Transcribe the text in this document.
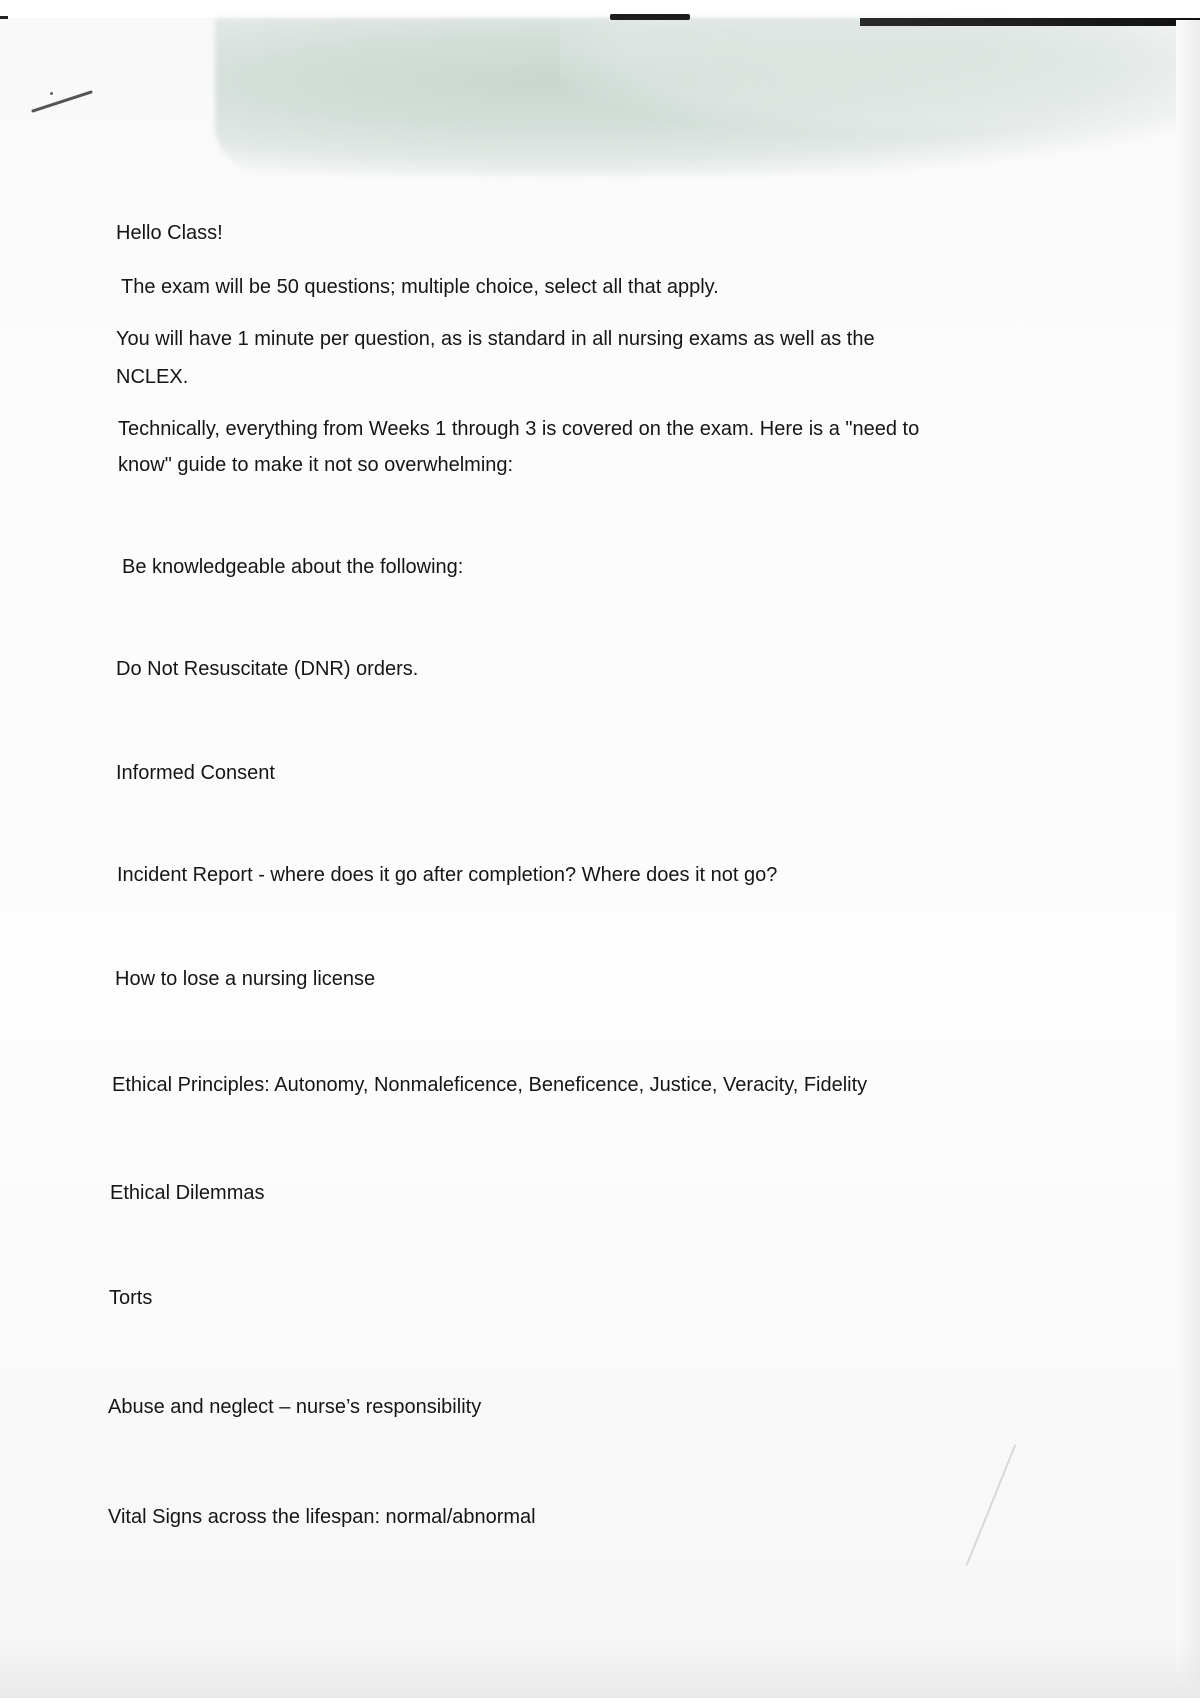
Hello Class!
The exam will be 50 questions; multiple choice, select all that apply.
You will have 1 minute per question, as is standard in all nursing exams as well as the
NCLEX.
Technically, everything from Weeks 1 through 3 is covered on the exam. Here is a "need to
know" guide to make it not so overwhelming:
Be knowledgeable about the following:
Do Not Resuscitate (DNR) orders.
Informed Consent
Incident Report - where does it go after completion? Where does it not go?
How to lose a nursing license
Ethical Principles: Autonomy, Nonmaleficence, Beneficence, Justice, Veracity, Fidelity
Ethical Dilemmas
Torts
Abuse and neglect – nurse’s responsibility
Vital Signs across the lifespan: normal/abnormal
